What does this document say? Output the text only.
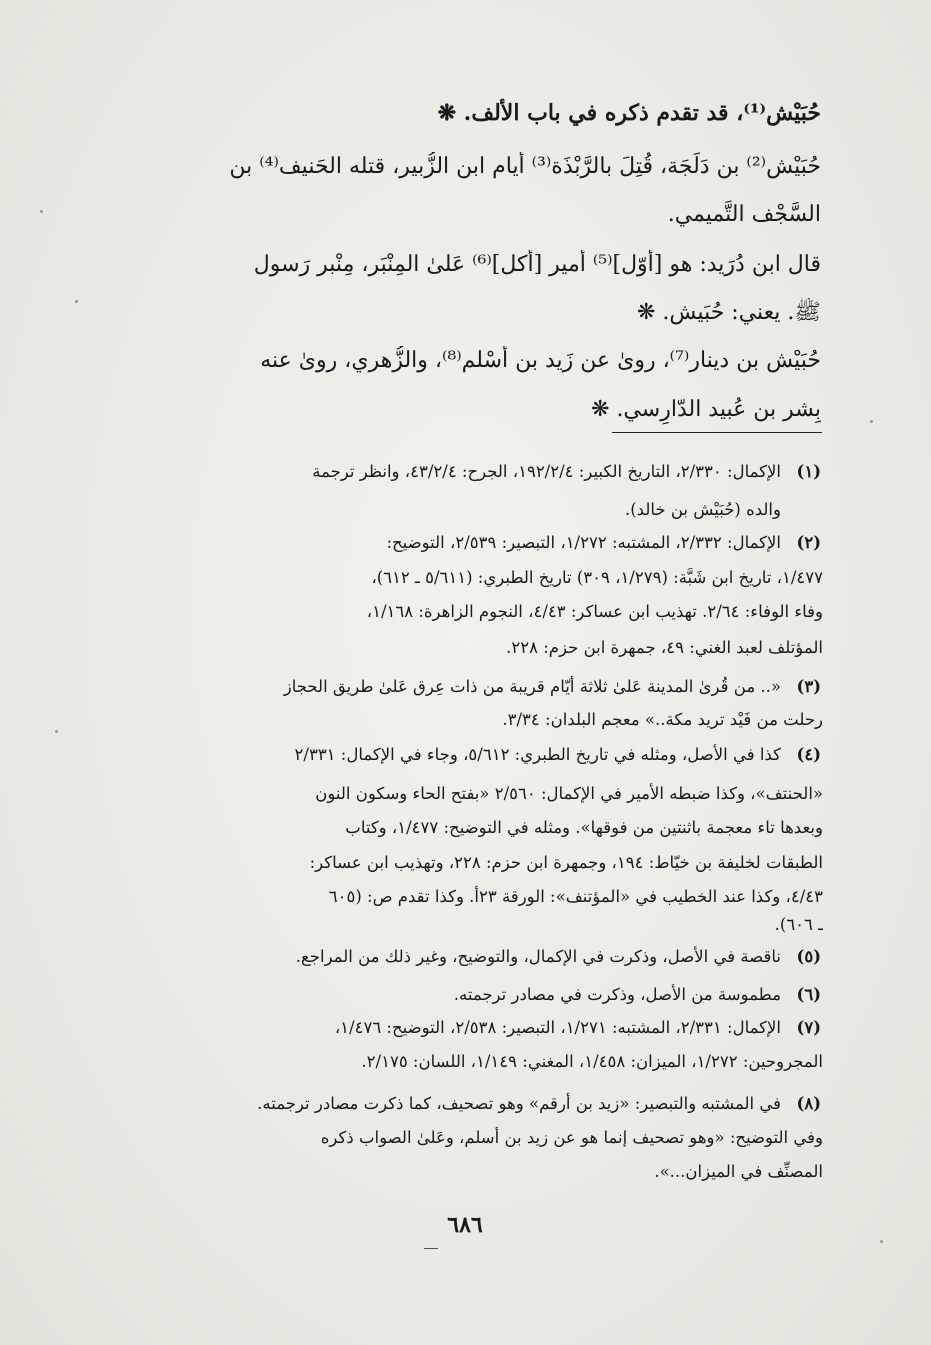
حُبَيْش⁽¹⁾، قد تقدم ذكره في باب الألف. ❋
حُبَيْش⁽²⁾ بن دَلَجَة، قُتِلَ بالرَّبْذَة⁽³⁾ أيام ابن الزُّبير، قتله الحَنيف⁽⁴⁾ بن
السَّجْف التَّميمي.
قال ابن دُرَيد: هو [أوّل]⁽⁵⁾ أمير [أكل]⁽⁶⁾ عَلىٰ المِنْبَر، مِنْبر رَسول
ﷺ. يعني: حُبَيش. ❋
حُبَيْش بن دينار⁽⁷⁾، روىٰ عن زَيد بن أَسْلم⁽⁸⁾، والزُّهري، روىٰ عنه
بِشر بن عُبيد الدّارِسي. ❋
(١)
الإكمال: ٢/٣٣٠، التاريخ الكبير: ١٩٢/٢/٤، الجرح: ٤٣/٢/٤، وانظر ترجمة
والده (حُبَيْش بن خالد).
(٢)
الإكمال: ٢/٣٣٢، المشتبه: ١/٢٧٢، التبصير: ٢/٥٣٩، التوضيح:
١/٤٧٧، تاريخ ابن شَبَّة: (١/٢٧٩، ٣٠٩) تاريخ الطبري: (٥/٦١١ ـ ٦١٢)،
وفاء الوفاء: ٢/٦٤. تهذيب ابن عساكر: ٤/٤٣، النجوم الزاهرة: ١/١٦٨،
المؤتلف لعبد الغني: ٤٩، جمهرة ابن حزم: ٢٢٨.
(٣)
«.. من قُرىٰ المدينة عَلىٰ ثلاثة أيّام قريبة من ذات عِرق عَلىٰ طريق الحجاز
رحلت من فَيْد تريد مكة..» معجم البلدان: ٣/٣٤.
(٤)
كذا في الأصل، ومثله في تاريخ الطبري: ٥/٦١٢، وجاء في الإكمال: ٢/٣٣١
«الحنتف»، وكذا ضبطه الأمير في الإكمال: ٢/٥٦٠ «بفتح الحاء وسكون النون
وبعدها تاء معجمة باثنتين من فوقها». ومثله في التوضيح: ١/٤٧٧، وكتاب
الطبقات لخليفة بن خيّاط: ١٩٤، وجمهرة ابن حزم: ٢٢٨، وتهذيب ابن عساكر:
٤/٤٣، وكذا عند الخطيب في «المؤتنف»: الورقة ٢٣أ. وكذا تقدم ص: (٦٠٥
ـ ٦٠٦).
(٥)
ناقصة في الأصل، وذكرت في الإكمال، والتوضيح، وغير ذلك من المراجع.
(٦)
مطموسة من الأصل، وذكرت في مصادر ترجمته.
(٧)
الإكمال: ٢/٣٣١، المشتبه: ١/٢٧١، التبصير: ٢/٥٣٨، التوضيح: ١/٤٧٦،
المجروحين: ١/٢٧٢، الميزان: ١/٤٥٨، المغني: ١/١٤٩، اللسان: ٢/١٧٥.
(٨)
في المشتبه والتبصير: «زيد بن أرقم» وهو تصحيف، كما ذكرت مصادر ترجمته.
وفي التوضيح: «وهو تصحيف إنما هو عن زيد بن أسلم، وعَلىٰ الصواب ذكره
المصنِّف في الميزان...».
٦٨٦
